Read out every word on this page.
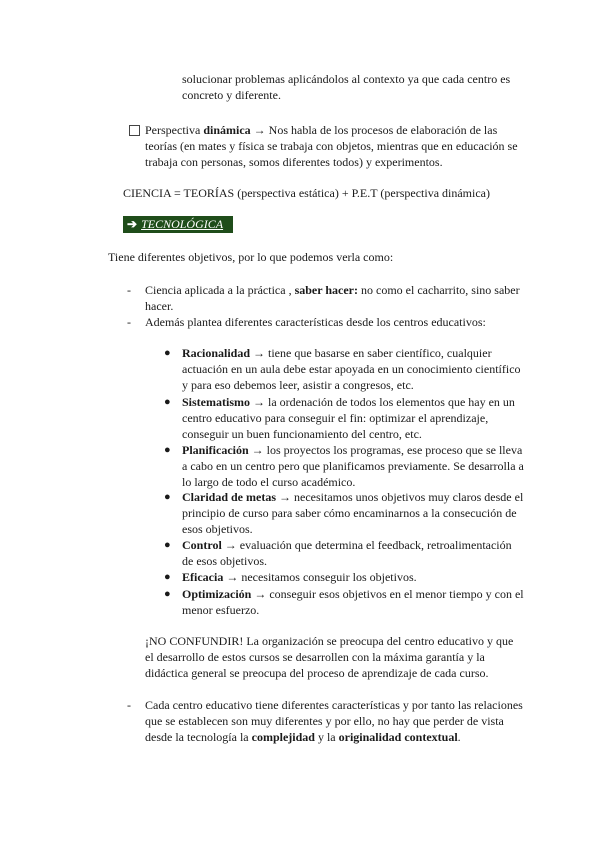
solucionar problemas aplicándolos al contexto ya que cada centro es
concreto y diferente.
Perspectiva dinámica → Nos habla de los procesos de elaboración de las
teorías (en mates y física se trabaja con objetos, mientras que en educación se
trabaja con personas, somos diferentes todos) y experimentos.
CIENCIA = TEORÍAS (perspectiva estática) + P.E.T (perspectiva dinámica)
➔ TECNOLÓGICA
Tiene diferentes objetivos, por lo que podemos verla como:
- Ciencia aplicada a la práctica , saber hacer: no como el cacharrito, sino saber
hacer.
- Además plantea diferentes características desde los centros educativos:
● Racionalidad → tiene que basarse en saber científico, cualquier
actuación en un aula debe estar apoyada en un conocimiento científico
y para eso debemos leer, asistir a congresos, etc.
● Sistematismo → la ordenación de todos los elementos que hay en un
centro educativo para conseguir el fin: optimizar el aprendizaje,
conseguir un buen funcionamiento del centro, etc.
● Planificación → los proyectos los programas, ese proceso que se lleva
a cabo en un centro pero que planificamos previamente. Se desarrolla a
lo largo de todo el curso académico.
● Claridad de metas → necesitamos unos objetivos muy claros desde el
principio de curso para saber cómo encaminarnos a la consecución de
esos objetivos.
● Control → evaluación que determina el feedback, retroalimentación
de esos objetivos.
● Eficacia → necesitamos conseguir los objetivos.
● Optimización → conseguir esos objetivos en el menor tiempo y con el
menor esfuerzo.
¡NO CONFUNDIR! La organización se preocupa del centro educativo y que
el desarrollo de estos cursos se desarrollen con la máxima garantía y la
didáctica general se preocupa del proceso de aprendizaje de cada curso.
- Cada centro educativo tiene diferentes características y por tanto las relaciones
que se establecen son muy diferentes y por ello, no hay que perder de vista
desde la tecnología la complejidad y la originalidad contextual.
